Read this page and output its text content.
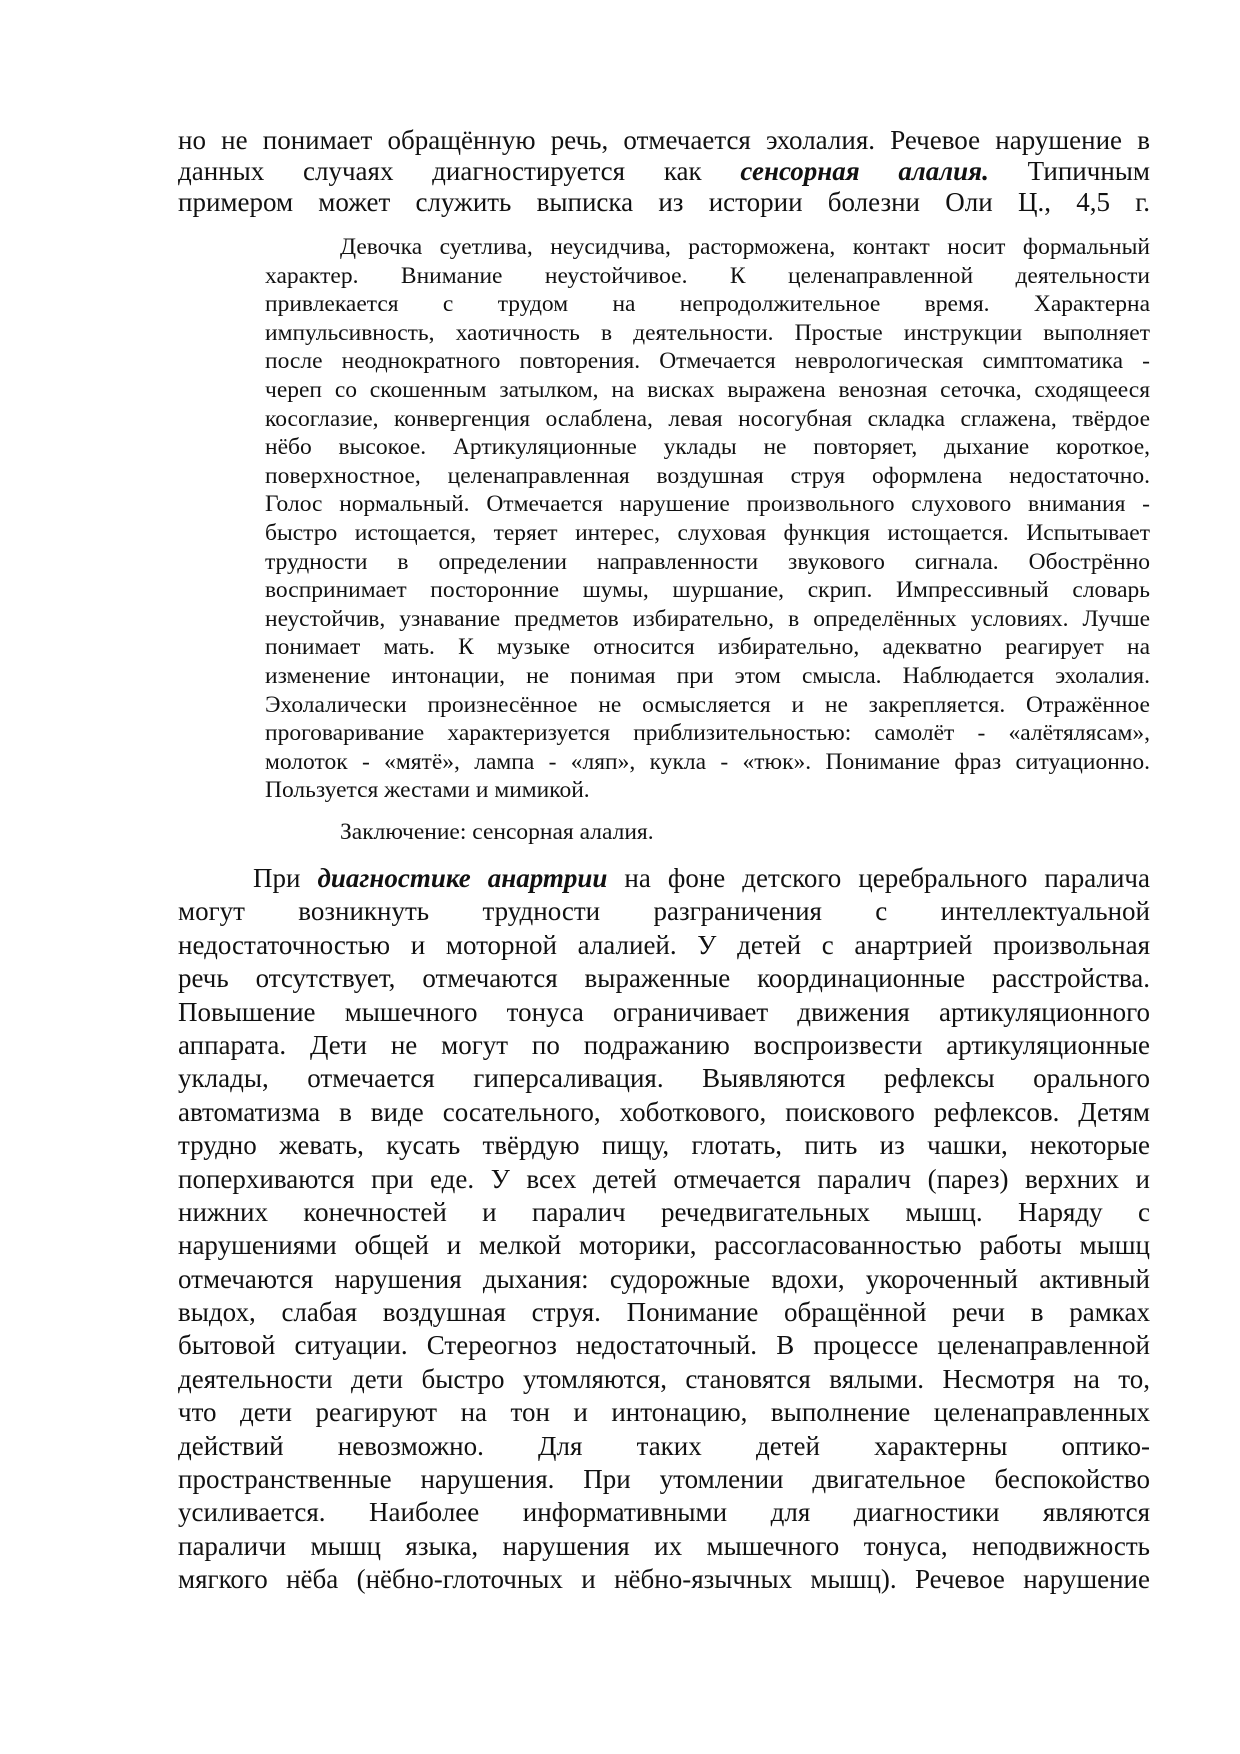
но не понимает обращённую речь, отмечается эхолалия. Речевое нарушение в
данных случаях диагностируется как сенсорная алалия. Типичным
примером может служить выписка из истории болезни Оли Ц., 4,5 г.
Девочка суетлива, неусидчива, расторможена, контакт носит формальный
характер. Внимание неустойчивое. К целенаправленной деятельности
привлекается с трудом на непродолжительное время. Характерна
импульсивность, хаотичность в деятельности. Простые инструкции выполняет
после неоднократного повторения. Отмечается неврологическая симптоматика -
череп со скошенным затылком, на висках выражена венозная сеточка, сходящееся
косоглазие, конвергенция ослаблена, левая носогубная складка сглажена, твёрдое
нёбо высокое. Артикуляционные уклады не повторяет, дыхание короткое,
поверхностное, целенаправленная воздушная струя оформлена недостаточно.
Голос нормальный. Отмечается нарушение произвольного слухового внимания -
быстро истощается, теряет интерес, слуховая функция истощается. Испытывает
трудности в определении направленности звукового сигнала. Обострённо
воспринимает посторонние шумы, шуршание, скрип. Импрессивный словарь
неустойчив, узнавание предметов избирательно, в определённых условиях. Лучше
понимает мать. К музыке относится избирательно, адекватно реагирует на
изменение интонации, не понимая при этом смысла. Наблюдается эхолалия.
Эхолалически произнесённое не осмысляется и не закрепляется. Отражённое
проговаривание характеризуется приблизительностью: самолёт - «алётялясам»,
молоток - «мятё», лампа - «ляп», кукла - «тюк». Понимание фраз ситуационно.
Пользуется жестами и мимикой.
Заключение: сенсорная алалия.
При диагностике анартрии на фоне детского церебрального паралича
могут возникнуть трудности разграничения с интеллектуальной
недостаточностью и моторной алалией. У детей с анартрией произвольная
речь отсутствует, отмечаются выраженные координационные расстройства.
Повышение мышечного тонуса ограничивает движения артикуляционного
аппарата. Дети не могут по подражанию воспроизвести артикуляционные
уклады, отмечается гиперсаливация. Выявляются рефлексы орального
автоматизма в виде сосательного, хоботкового, поискового рефлексов. Детям
трудно жевать, кусать твёрдую пищу, глотать, пить из чашки, некоторые
поперхиваются при еде. У всех детей отмечается паралич (парез) верхних и
нижних конечностей и паралич речедвигательных мышц. Наряду с
нарушениями общей и мелкой моторики, рассогласованностью работы мышц
отмечаются нарушения дыхания: судорожные вдохи, укороченный активный
выдох, слабая воздушная струя. Понимание обращённой речи в рамках
бытовой ситуации. Стереогноз недостаточный. В процессе целенаправленной
деятельности дети быстро утомляются, становятся вялыми. Несмотря на то,
что дети реагируют на тон и интонацию, выполнение целенаправленных
действий невозможно. Для таких детей характерны оптико-
пространственные нарушения. При утомлении двигательное беспокойство
усиливается. Наиболее информативными для диагностики являются
параличи мышц языка, нарушения их мышечного тонуса, неподвижность
мягкого нёба (нёбно-глоточных и нёбно-язычных мышц). Речевое нарушение
